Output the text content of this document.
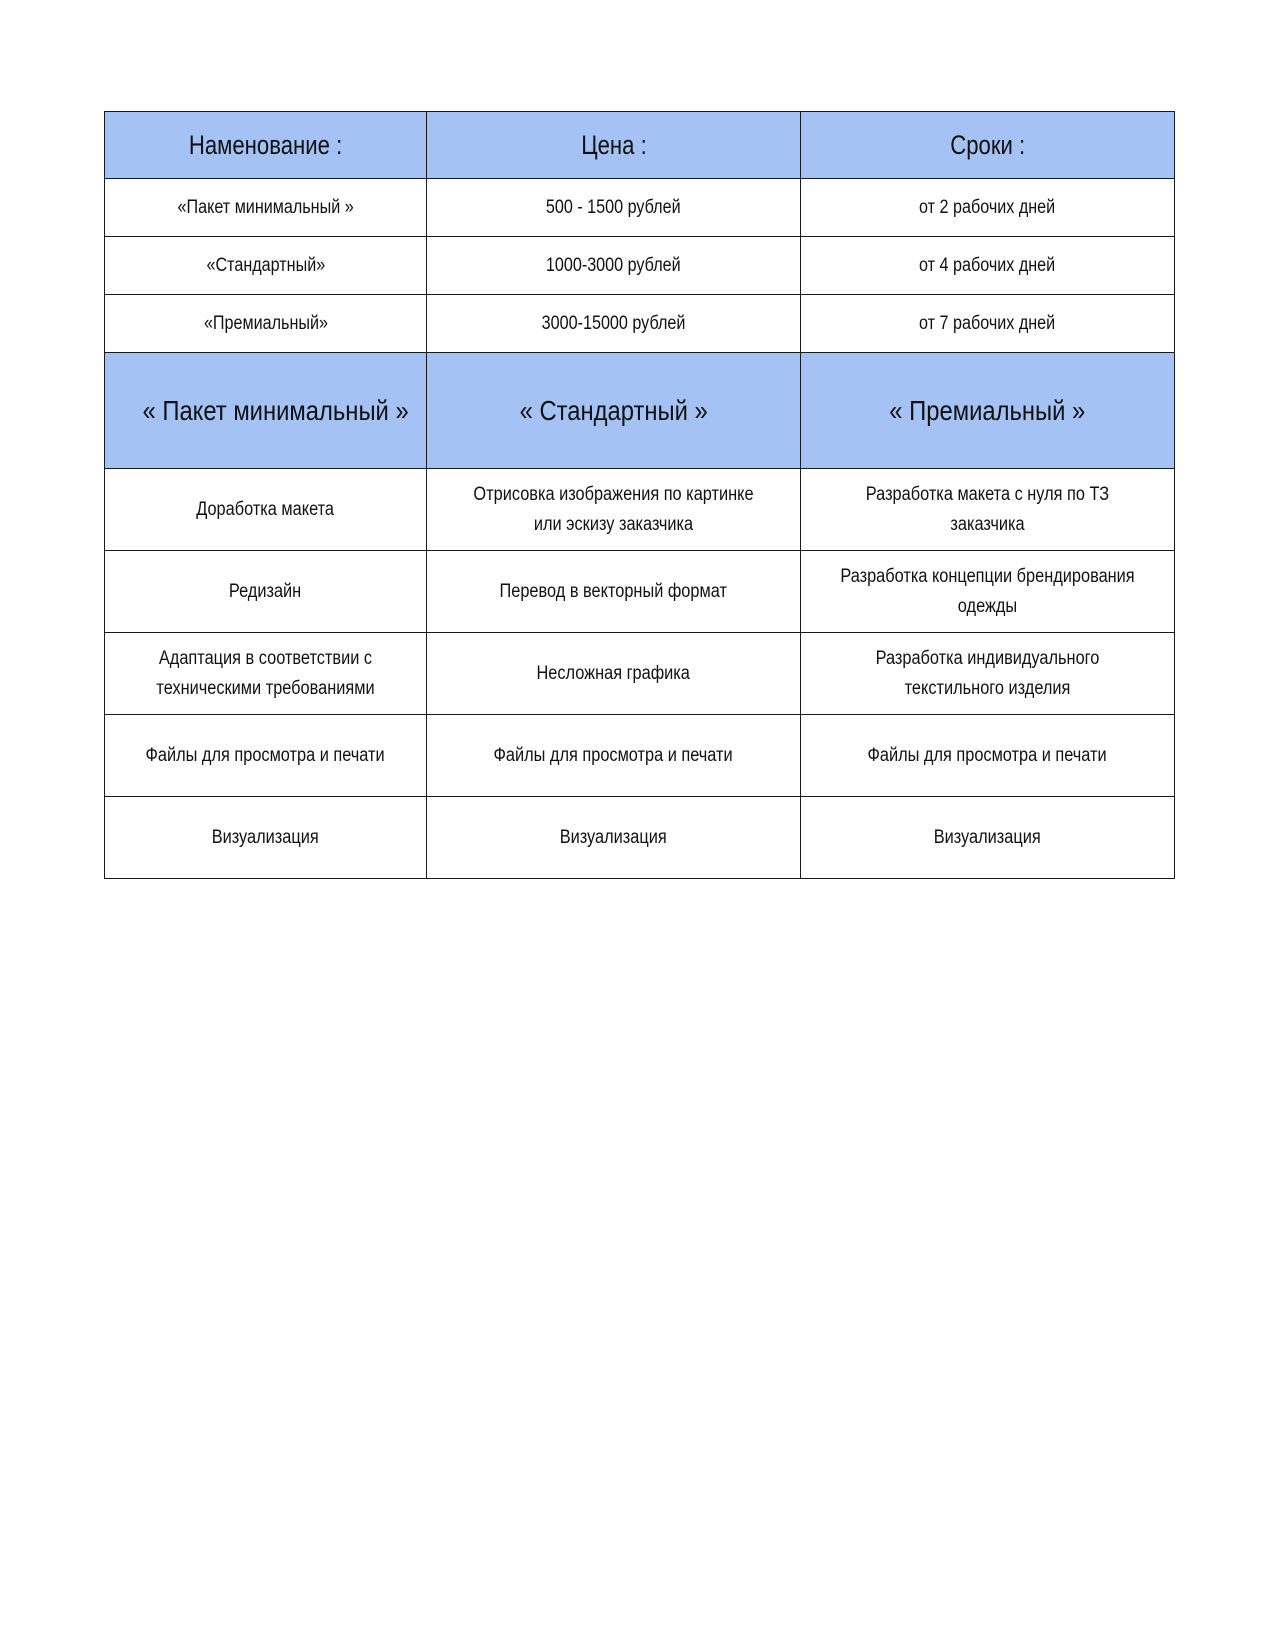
Наменование :	Цена :	Сроки :
«Пакет минимальный »	500 - 1500 рублей	от 2 рабочих дней
«Стандартный»	1000-3000 рублей	от 4 рабочих дней
«Премиальный»	3000-15000 рублей	от 7 рабочих дней
« Пакет минимальный »	« Стандартный »	« Премиальный »
Доработка макета	Отрисовка изображения по картинке или эскизу заказчика	Разработка макета с нуля по ТЗ заказчика
Редизайн	Перевод в векторный формат	Разработка концепции брендирования одежды
Адаптация в соответствии с техническими требованиями	Несложная графика	Разработка индивидуального текстильного изделия
Файлы для просмотра и печати	Файлы для просмотра и печати	Файлы для просмотра и печати
Визуализация	Визуализация	Визуализация
